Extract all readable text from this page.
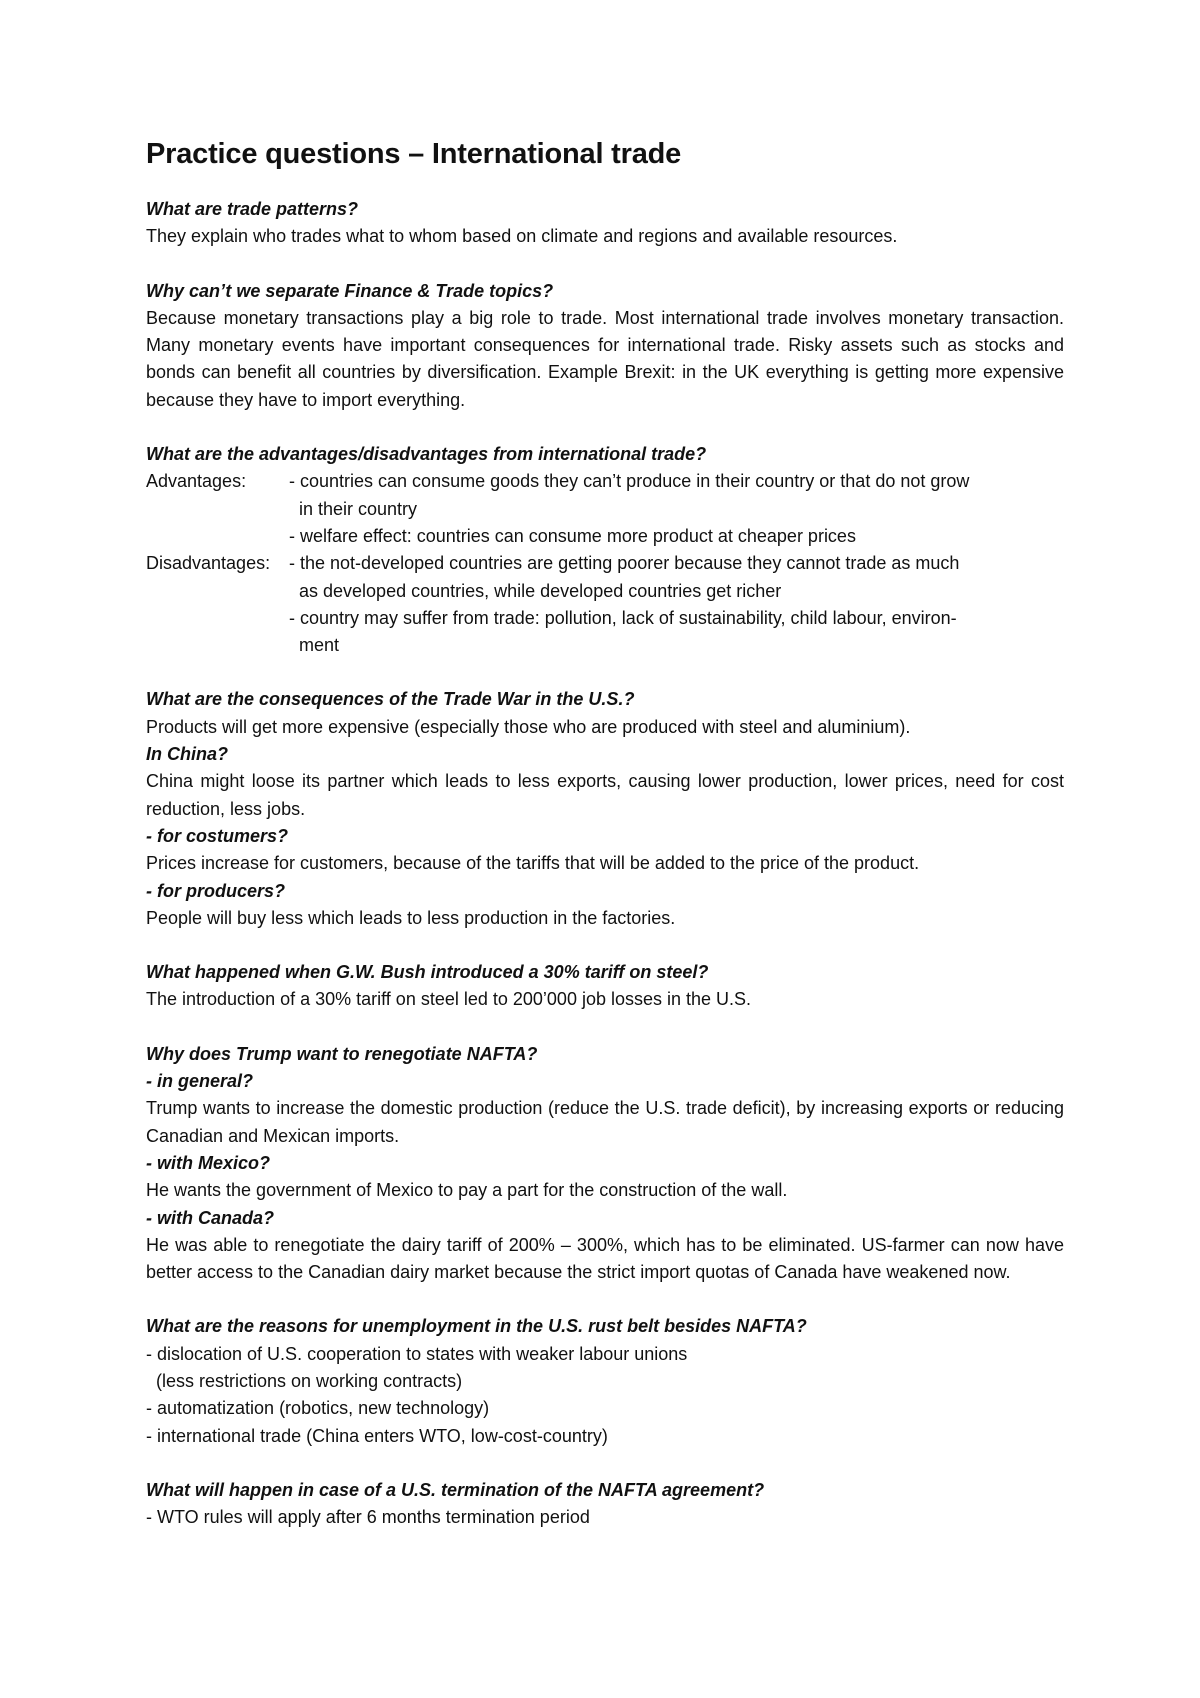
Practice questions – International trade

What are trade patterns?

They explain who trades what to whom based on climate and regions and available resources.

Why can’t we separate Finance & Trade topics?

Because monetary transactions play a big role to trade. Most international trade involves monetary transaction. Many monetary events have important consequences for international trade. Risky assets such as stocks and bonds can benefit all countries by diversification. Example Brexit: in the UK everything is getting more expensive because they have to import everything.

What are the advantages/disadvantages from international trade?

Advantages:	- countries can consume goods they can’t produce in their country or that do not grow
in their country
- welfare effect: countries can consume more product at cheaper prices
Disadvantages:	- the not-developed countries are getting poorer because they cannot trade as much
as developed countries, while developed countries get richer
- country may suffer from trade: pollution, lack of sustainability, child labour, environ-
ment

What are the consequences of the Trade War in the U.S.?

Products will get more expensive (especially those who are produced with steel and aluminium).

In China?

China might loose its partner which leads to less exports, causing lower production, lower prices, need for cost reduction, less jobs.

- for costumers?

Prices increase for customers, because of the tariffs that will be added to the price of the product.

- for producers?

People will buy less which leads to less production in the factories.

What happened when G.W. Bush introduced a 30% tariff on steel?

The introduction of a 30% tariff on steel led to 200’000 job losses in the U.S.

Why does Trump want to renegotiate NAFTA?

- in general?

Trump wants to increase the domestic production (reduce the U.S. trade deficit), by increasing exports or reducing Canadian and Mexican imports.

- with Mexico?

He wants the government of Mexico to pay a part for the construction of the wall.

- with Canada?

He was able to renegotiate the dairy tariff of 200% – 300%, which has to be eliminated. US-farmer can now have better access to the Canadian dairy market because the strict import quotas of Canada have weakened now.

What are the reasons for unemployment in the U.S. rust belt besides NAFTA?

- dislocation of U.S. cooperation to states with weaker labour unions

(less restrictions on working contracts)

- automatization (robotics, new technology)

- international trade (China enters WTO, low-cost-country)

What will happen in case of a U.S. termination of the NAFTA agreement?

- WTO rules will apply after 6 months termination period
